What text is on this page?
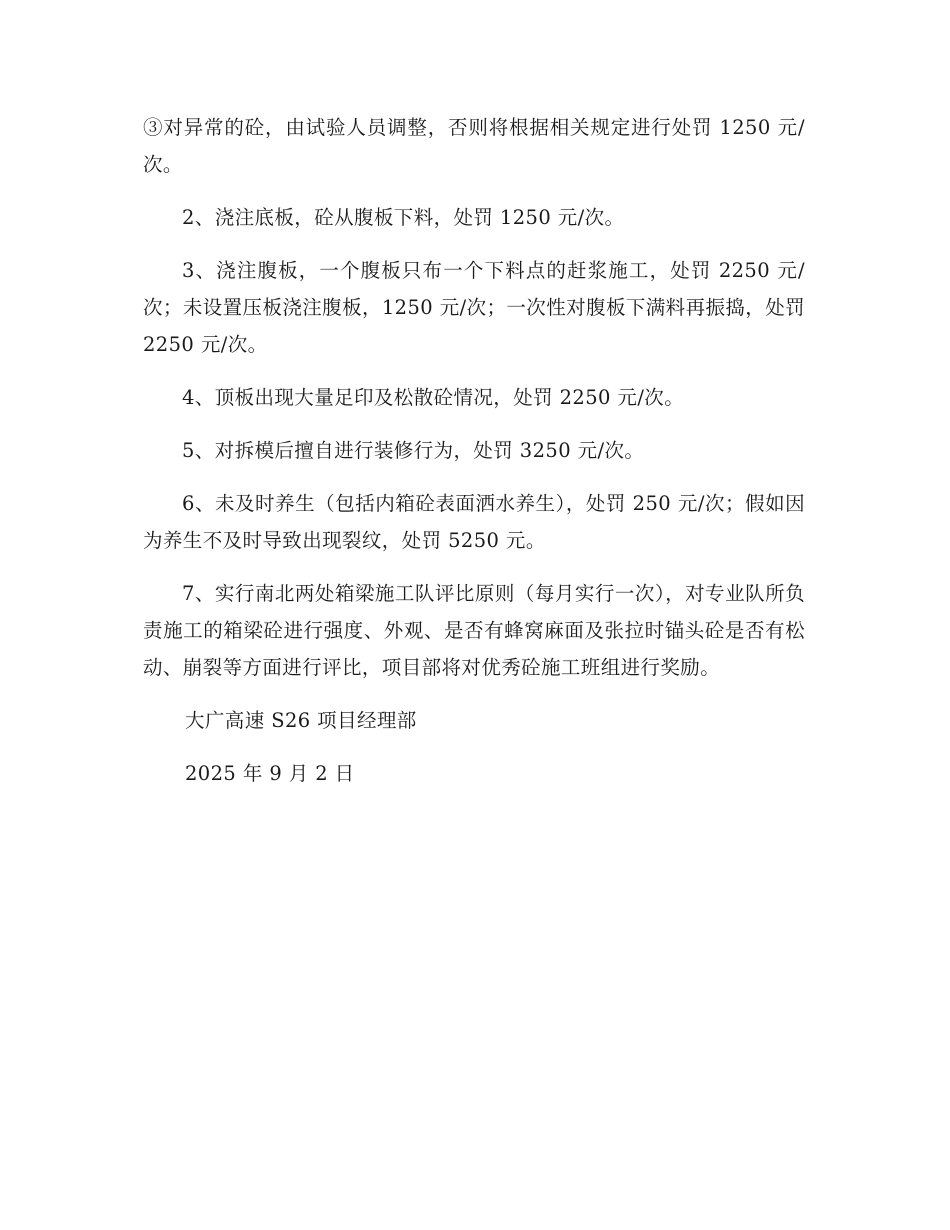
③对异常的砼，由试验人员调整，否则将根据相关规定进行处罚 1250 元/次。

2、浇注底板，砼从腹板下料，处罚 1250 元/次。

3、浇注腹板，一个腹板只布一个下料点的赶浆施工，处罚 2250 元/次；未设置压板浇注腹板，1250 元/次；一次性对腹板下满料再振捣，处罚 2250 元/次。

4、顶板出现大量足印及松散砼情况，处罚 2250 元/次。

5、对拆模后擅自进行装修行为，处罚 3250 元/次。

6、未及时养生（包括内箱砼表面洒水养生），处罚 250 元/次；假如因为养生不及时导致出现裂纹，处罚 5250 元。

7、实行南北两处箱梁施工队评比原则（每月实行一次），对专业队所负责施工的箱梁砼进行强度、外观、是否有蜂窝麻面及张拉时锚头砼是否有松动、崩裂等方面进行评比，项目部将对优秀砼施工班组进行奖励。

大广高速 S26 项目经理部

2025 年 9 月 2 日
